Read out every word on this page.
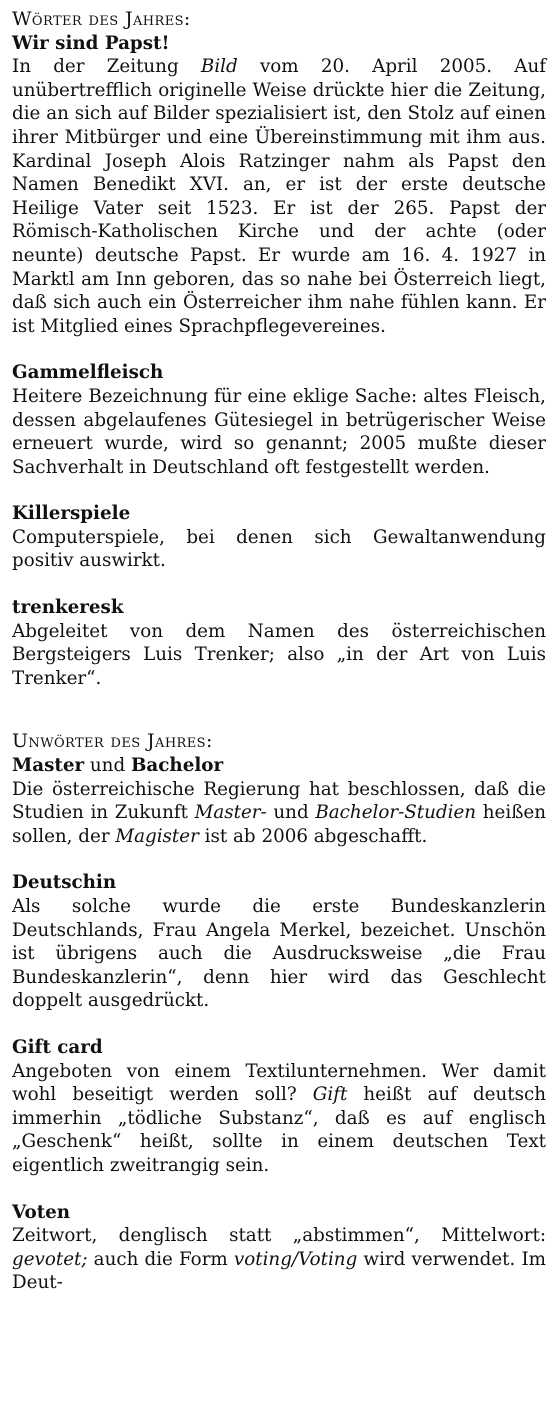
Wörter des Jahres:

Wir sind Papst!
In der Zeitung Bild vom 20. April 2005. Auf unübertrefflich originelle Weise drückte hier die Zeitung, die an sich auf Bilder spezialisiert ist, den Stolz auf einen ihrer Mitbürger und eine Übereinstimmung mit ihm aus. Kardinal Joseph Alois Ratzinger nahm als Papst den Namen Benedikt XVI. an, er ist der erste deutsche Heilige Vater seit 1523. Er ist der 265. Papst der Römisch-Katholischen Kirche und der achte (oder neunte) deutsche Papst. Er wurde am 16. 4. 1927 in Marktl am Inn geboren, das so nahe bei Österreich liegt, daß sich auch ein Österreicher ihm nahe fühlen kann. Er ist Mitglied eines Sprachpflegevereines.
Gammelfleisch
Heitere Bezeichnung für eine eklige Sache: altes Fleisch, dessen abgelaufenes Gütesiegel in betrügerischer Weise erneuert wurde, wird so genannt; 2005 mußte dieser Sachverhalt in Deutschland oft festgestellt werden.
Killerspiele
Computerspiele, bei denen sich Gewaltanwendung positiv auswirkt.
trenkeresk
Abgeleitet von dem Namen des österreichischen Bergsteigers Luis Trenker; also „in der Art von Luis Trenker“.

Unwörter des Jahres:

Master und Bachelor
Die österreichische Regierung hat beschlossen, daß die Studien in Zukunft Master- und Bachelor-Studien heißen sollen, der Magister ist ab 2006 abgeschafft.
Deutschin
Als solche wurde die erste Bundeskanzlerin Deutschlands, Frau Angela Merkel, bezeichet. Unschön ist übrigens auch die Ausdrucksweise „die Frau Bundeskanzlerin“, denn hier wird das Geschlecht doppelt ausgedrückt.
Gift card
Angeboten von einem Textilunternehmen. Wer damit wohl beseitigt werden soll? Gift heißt auf deutsch immerhin „tödliche Substanz“, daß es auf englisch „Geschenk“ heißt, sollte in einem deutschen Text eigentlich zweitrangig sein.
Voten
Zeitwort, denglisch statt „abstimmen“, Mittelwort: gevotet; auch die Form voting/Voting wird verwendet. Im Deut-
